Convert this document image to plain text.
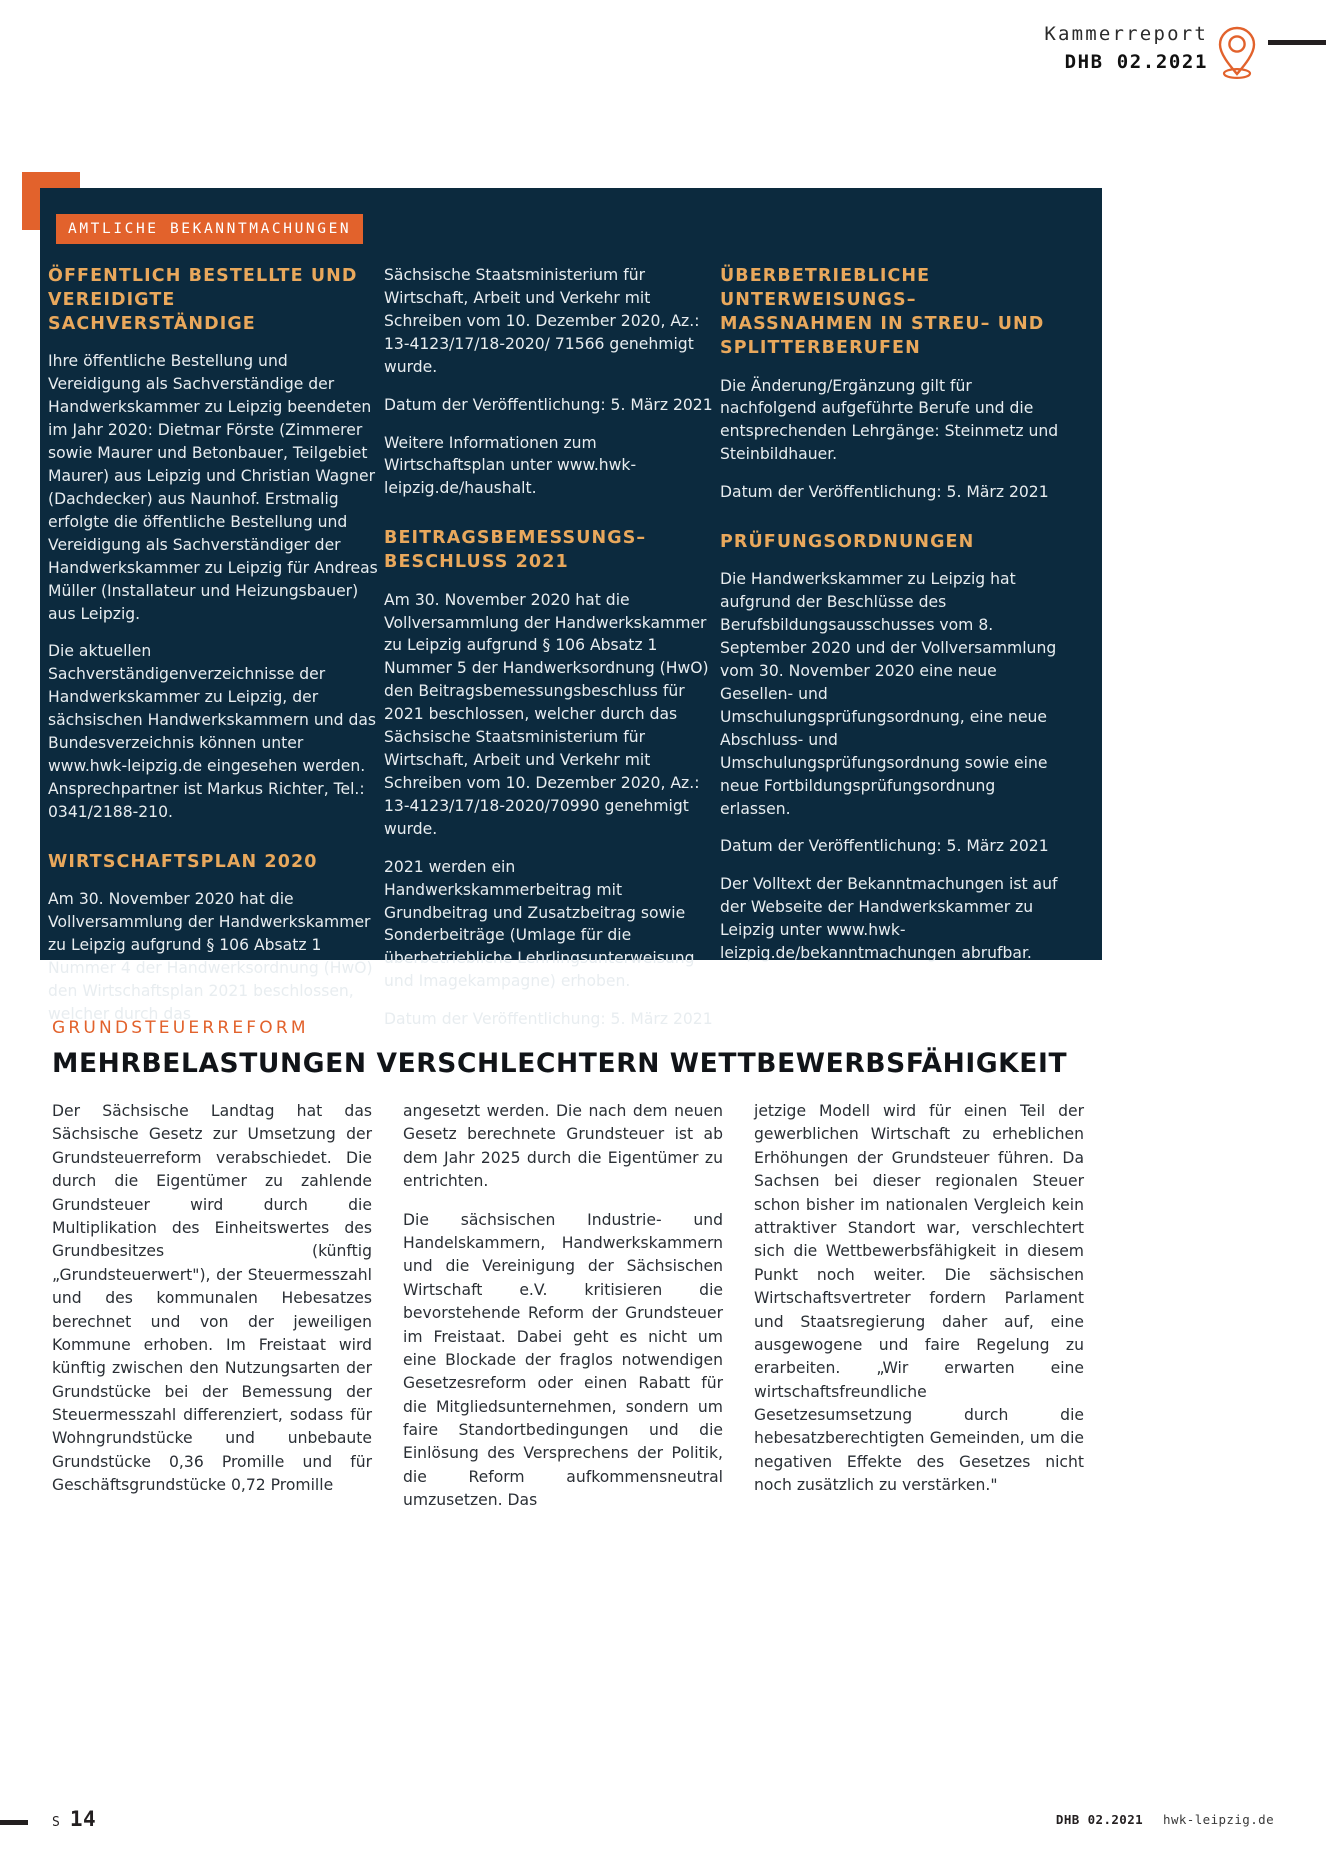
Kammerreport
DHB 02.2021
AMTLICHE BEKANNTMACHUNGEN
ÖFFENTLICH BESTELLTE UND VEREIDIGTE SACHVERSTÄNDIGE

Ihre öffentliche Bestellung und Vereidigung als Sachverständige der Handwerkskammer zu Leipzig beendeten im Jahr 2020: Dietmar Förste (Zimmerer sowie Maurer und Betonbauer, Teilgebiet Maurer) aus Leipzig und Christian Wagner (Dachdecker) aus Naunhof. Erstmalig erfolgte die öffentliche Bestellung und Vereidigung als Sachverständiger der Handwerkskammer zu Leipzig für Andreas Müller (Installateur und Heizungsbauer) aus Leipzig.

Die aktuellen Sachverständigenverzeichnisse der Handwerkskammer zu Leipzig, der sächsischen Handwerkskammern und das Bundesverzeichnis können unter www.hwk-leipzig.de eingesehen werden. Ansprechpartner ist Markus Richter, Tel.: 0341/2188-210.

WIRTSCHAFTSPLAN 2020

Am 30. November 2020 hat die Vollversammlung der Handwerkskammer zu Leipzig aufgrund § 106 Absatz 1 Nummer 4 der Handwerksordnung (HwO) den Wirtschaftsplan 2021 beschlossen, welcher durch das

Sächsische Staatsministerium für Wirtschaft, Arbeit und Verkehr mit Schreiben vom 10. Dezember 2020, Az.: 13-4123/17/18-2020/ 71566 genehmigt wurde.

Datum der Veröffentlichung: 5. März 2021

Weitere Informationen zum Wirtschaftsplan unter www.hwk-leipzig.de/haushalt.

BEITRAGSBEMESSUNGS– BESCHLUSS 2021

Am 30. November 2020 hat die Vollversammlung der Handwerkskammer zu Leipzig aufgrund § 106 Absatz 1 Nummer 5 der Handwerksordnung (HwO) den Beitragsbemessungsbeschluss für 2021 beschlossen, welcher durch das Sächsische Staatsministerium für Wirtschaft, Arbeit und Verkehr mit Schreiben vom 10. Dezember 2020, Az.: 13-4123/17/18-2020/70990 genehmigt wurde.

2021 werden ein Handwerkskammerbeitrag mit Grundbeitrag und Zusatzbeitrag sowie Sonderbeiträge (Umlage für die überbetriebliche Lehrlingsunterweisung und Imagekampagne) erhoben.

Datum der Veröffentlichung: 5. März 2021

ÜBERBETRIEBLICHE UNTERWEISUNGS– MASSNAHMEN IN STREU– UND SPLITTERBERUFEN

Die Änderung/Ergänzung gilt für nachfolgend aufgeführte Berufe und die entsprechenden Lehrgänge: Steinmetz und Steinbildhauer.

Datum der Veröffentlichung: 5. März 2021

PRÜFUNGSORDNUNGEN

Die Handwerkskammer zu Leipzig hat aufgrund der Beschlüsse des Berufsbildungsausschusses vom 8. September 2020 und der Vollversammlung vom 30. November 2020 eine neue Gesellen- und Umschulungsprüfungsordnung, eine neue Abschluss- und Umschulungsprüfungsordnung sowie eine neue Fortbildungsprüfungsordnung erlassen.

Datum der Veröffentlichung: 5. März 2021

Der Volltext der Bekanntmachungen ist auf der Webseite der Handwerkskammer zu Leipzig unter www.hwk-leizpig.de/bekanntmachungen abrufbar.

GRUNDSTEUERREFORM
MEHRBELASTUNGEN VERSCHLECHTERN WETTBEWERBSFÄHIGKEIT

Der Sächsische Landtag hat das Sächsische Gesetz zur Umsetzung der Grundsteuerreform verabschiedet. Die durch die Eigentümer zu zahlende Grundsteuer wird durch die Multiplikation des Einheitswertes des Grundbesitzes (künftig „Grundsteuerwert"), der Steuermesszahl und des kommunalen Hebesatzes berechnet und von der jeweiligen Kommune erhoben. Im Freistaat wird künftig zwischen den Nutzungsarten der Grundstücke bei der Bemessung der Steuermesszahl differenziert, sodass für Wohngrundstücke und unbebaute Grundstücke 0,36 Promille und für Geschäftsgrundstücke 0,72 Promille

angesetzt werden. Die nach dem neuen Gesetz berechnete Grundsteuer ist ab dem Jahr 2025 durch die Eigentümer zu entrichten.

Die sächsischen Industrie- und Handelskammern, Handwerkskammern und die Vereinigung der Sächsischen Wirtschaft e.V. kritisieren die bevorstehende Reform der Grundsteuer im Freistaat. Dabei geht es nicht um eine Blockade der fraglos notwendigen Gesetzesreform oder einen Rabatt für die Mitgliedsunternehmen, sondern um faire Standortbedingungen und die Einlösung des Versprechens der Politik, die Reform aufkommensneutral umzusetzen. Das

jetzige Modell wird für einen Teil der gewerblichen Wirtschaft zu erheblichen Erhöhungen der Grundsteuer führen. Da Sachsen bei dieser regionalen Steuer schon bisher im nationalen Vergleich kein attraktiver Standort war, verschlechtert sich die Wettbewerbsfähigkeit in diesem Punkt noch weiter. Die sächsischen Wirtschaftsvertreter fordern Parlament und Staatsregierung daher auf, eine ausgewogene und faire Regelung zu erarbeiten. „Wir erwarten eine wirtschaftsfreundliche Gesetzesumsetzung durch die hebesatzberechtigten Gemeinden, um die negativen Effekte des Gesetzes nicht noch zusätzlich zu verstärken."

S 14	DHB 02.2021 hwk-leipzig.de
